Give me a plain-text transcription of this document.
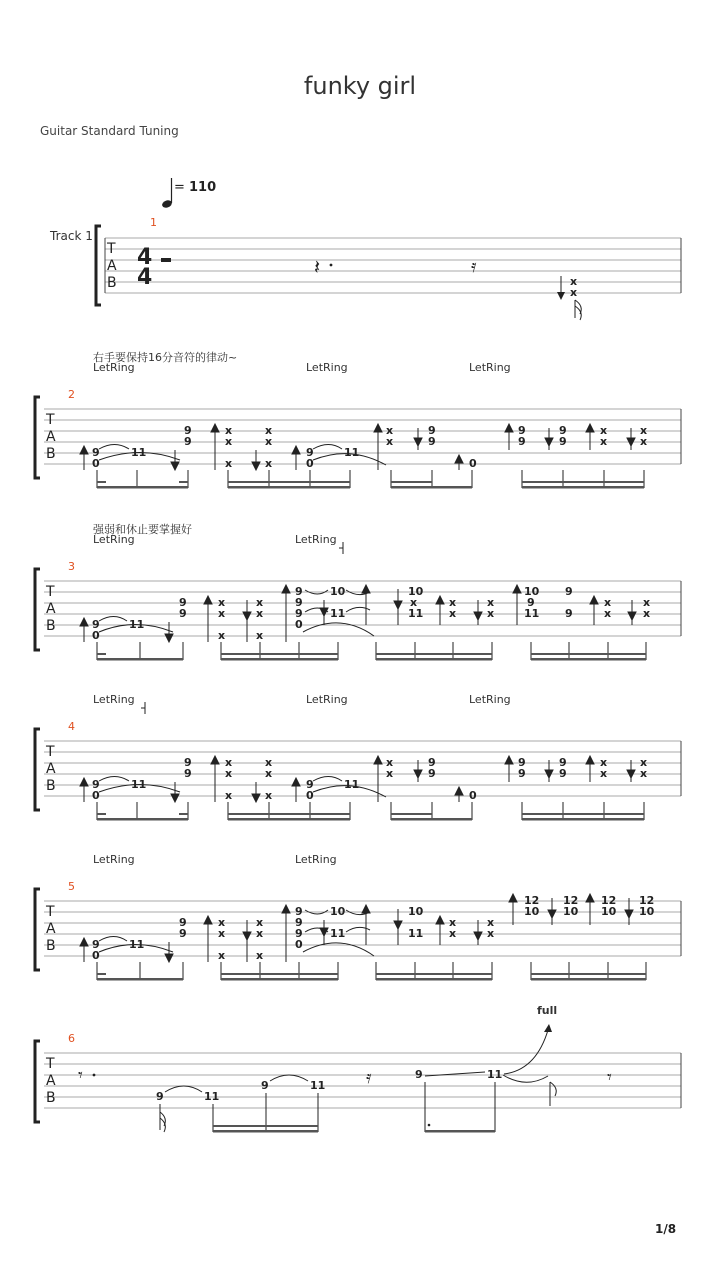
funky girl
Guitar Standard Tuning
Track 1
=
1
2
3
4
5
6
右手要保持16分音符的律动~
LetRing	LetRing	LetRing
强弱和休止要掌握好
LetRing	LetRing
LetRing	LetRing	LetRing
LetRing	LetRing
full
1/8
T
A
B
4
4	𝄽	𝄿
x
x
T
A
B	9
0
11
9
9
x
x
x
x
x
x
9
0
11
x
x
9
9
0
9
9
9
9
x
x
x
x
T
A
B	9
0
11
9
9
x
x
x
x
x
x
9
9
9
0
10
11
10
x
11
x
x
x
x
10
9
11
9
9
x
x
x
x
T
A
B	9
0
11
9
9
x
x
x
x
x
x
9
0
11
x
x
9
9
0
9
9
9
9
x
x
x
x
T
A
B	9
0
11
9
9
x
x
x
x
x
x
9
9
9
0
10
11
10
11
x
x
x
x
12
10
12
10
12
10
12
10
T
A
B
𝄾	𝄿	𝄾
9	11
9	11
9	11
110
